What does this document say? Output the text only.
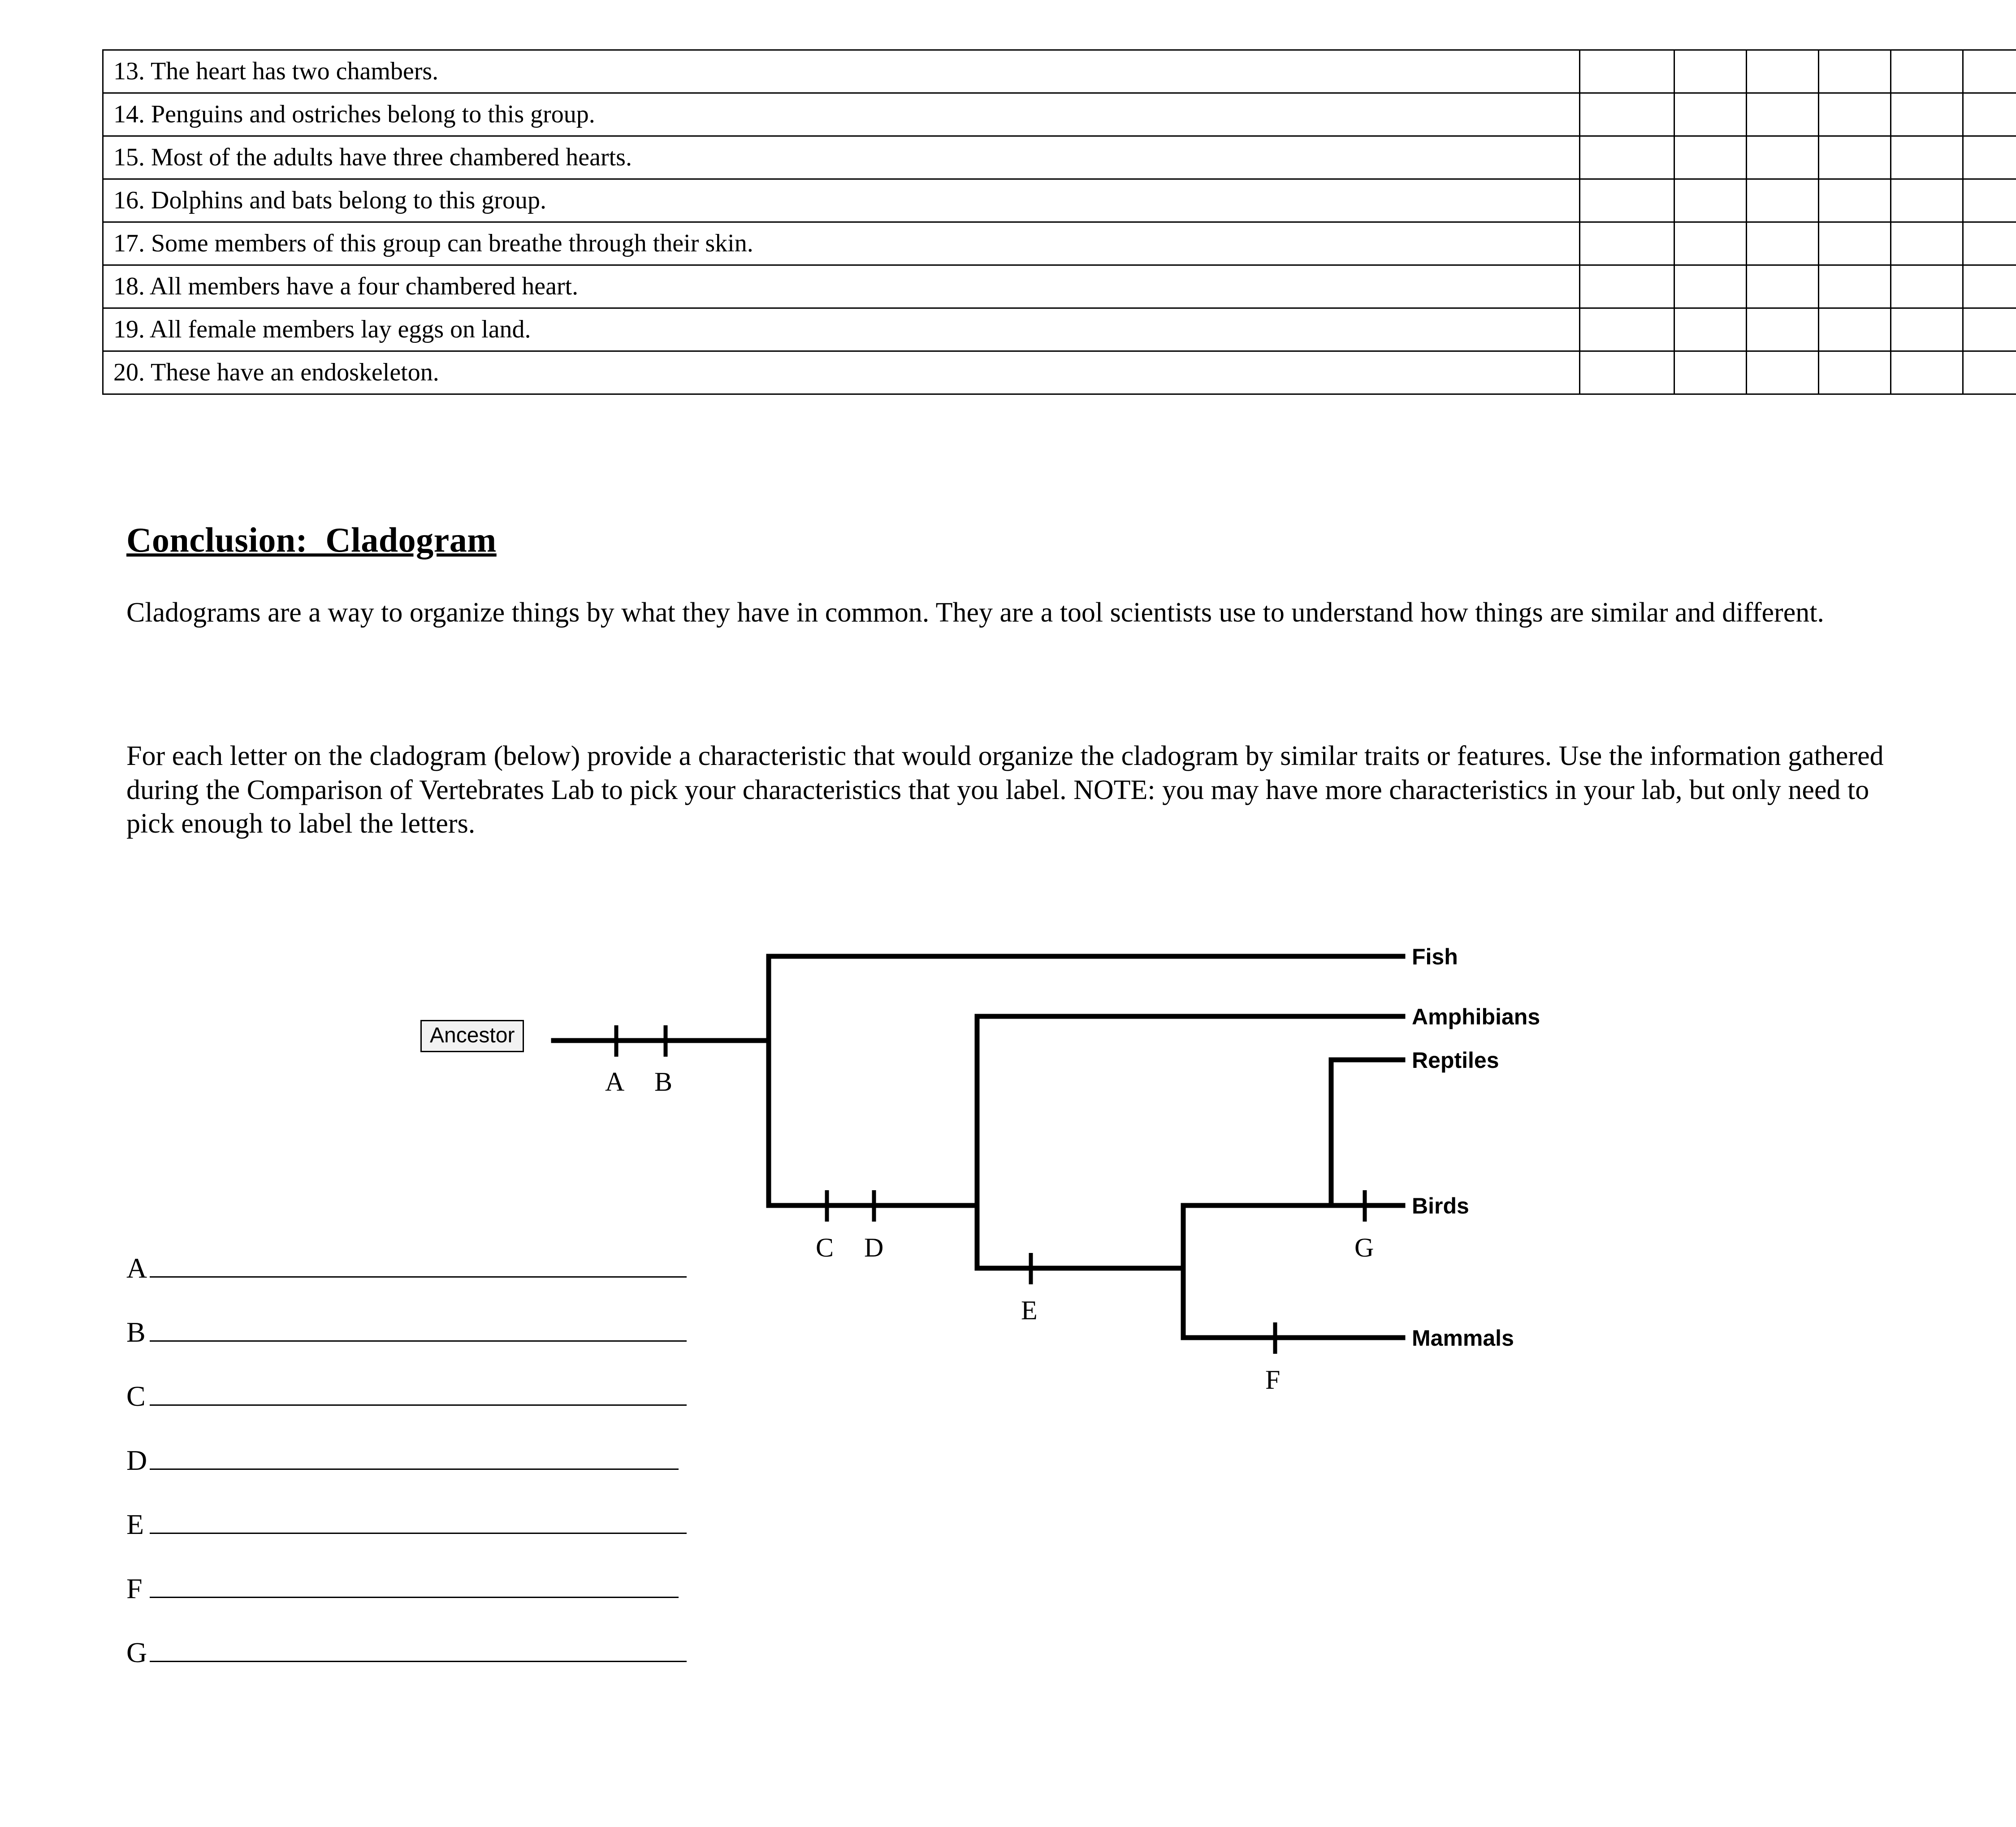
13. The heart has two chambers.						
14. Penguins and ostriches belong to this group.						
15. Most of the adults have three chambered hearts.						
16. Dolphins and bats belong to this group.						
17. Some members of this group can breathe through their skin.						
18. All members have a four chambered heart.						
19. All female members lay eggs on land.						
20. These have an endoskeleton.						
Conclusion:  Cladogram
Cladograms are a way to organize things by what they have in common. They are a tool scientists use to understand how things are similar and different.
For each letter on the cladogram (below) provide a characteristic that would organize the cladogram by similar traits or features. Use the information gathered during the Comparison of Vertebrates Lab to pick your characteristics that you label. NOTE: you may have more characteristics in your lab, but only need to pick enough to label the letters.
Ancestor
Fish
Amphibians
Reptiles
Birds
Mammals
A B
C D
E
F
G
A
B
C
D
E
F
G
